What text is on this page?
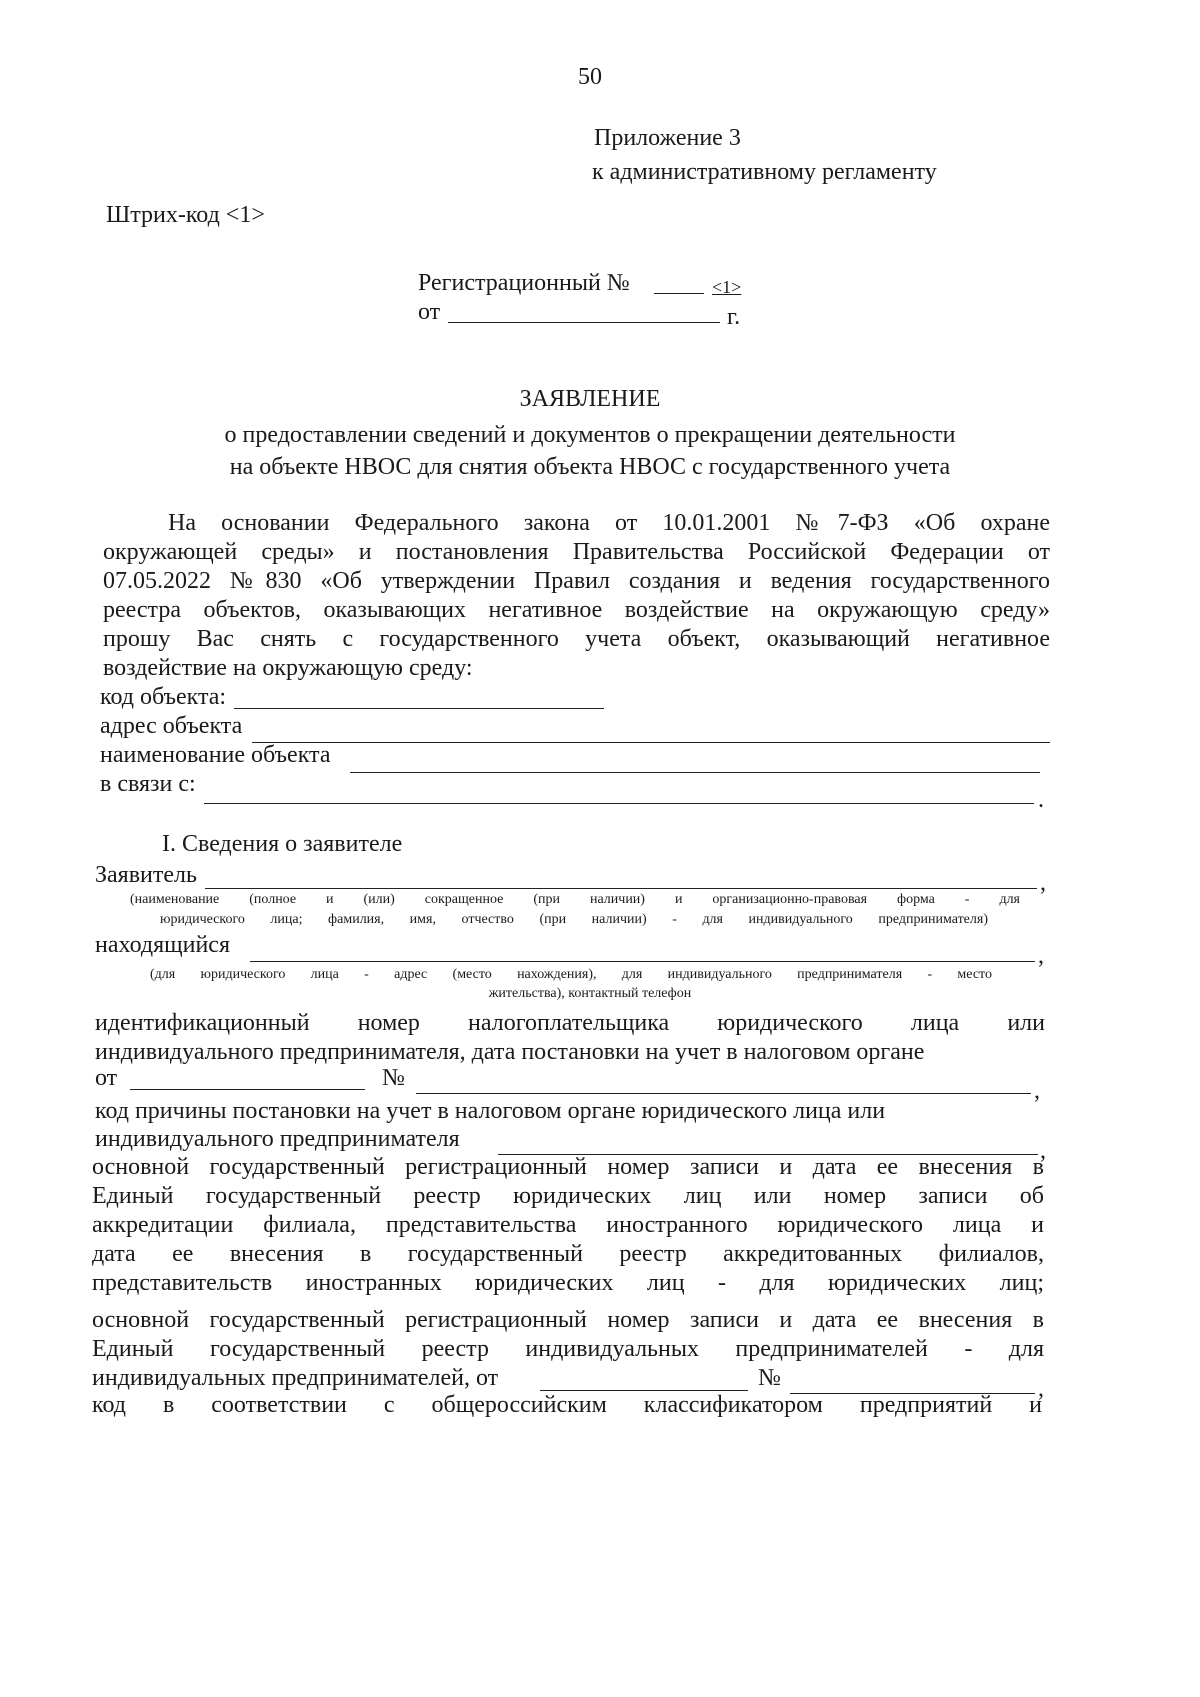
50
Приложение 3
к административному регламенту
Штрих-код <1>
Регистрационный №	<1>
от	г.
ЗАЯВЛЕНИЕ
о предоставлении сведений и документов о прекращении деятельности
на объекте НВОС для снятия объекта НВОС с государственного учета
На основании Федерального закона от 10.01.2001 №7-ФЗ «Об охране
окружающей среды» и постановления Правительства Российской Федерации от
07.05.2022 №830 «Об утверждении Правил создания и ведения государственного
реестра объектов, оказывающих негативное воздействие на окружающую среду»
прошу Вас снять с государственного учета объект, оказывающий негативное
воздействие на окружающую среду:
код объекта:
адрес объекта
наименование объекта
в связи с:
.
I. Сведения о заявителе
Заявитель	,
(наименование (полное и (или) сокращенное (при наличии) и организационно-правовая форма - для
юридического лица; фамилия, имя, отчество (при наличии) - для индивидуального предпринимателя)
находящийся	,
(для юридического лица - адрес (место нахождения), для индивидуального предпринимателя - место
жительства), контактный телефон
идентификационный номер налогоплательщика юридического лица или
индивидуального предпринимателя, дата постановки на учет в налоговом органе
от	№	,
код причины постановки на учет в налоговом органе юридического лица или
индивидуального предпринимателя	,
основной государственный регистрационный номер записи и дата ее внесения в
Единый государственный реестр юридических лиц или номер записи об
аккредитации филиала, представительства иностранного юридического лица и
дата ее внесения в государственный реестр аккредитованных филиалов,
представительств иностранных юридических лиц - для юридических лиц;
основной государственный регистрационный номер записи и дата ее внесения в
Единый государственный реестр индивидуальных предпринимателей - для
индивидуальных предпринимателей, от	№	,
код в соответствии с общероссийским классификатором предприятий и
